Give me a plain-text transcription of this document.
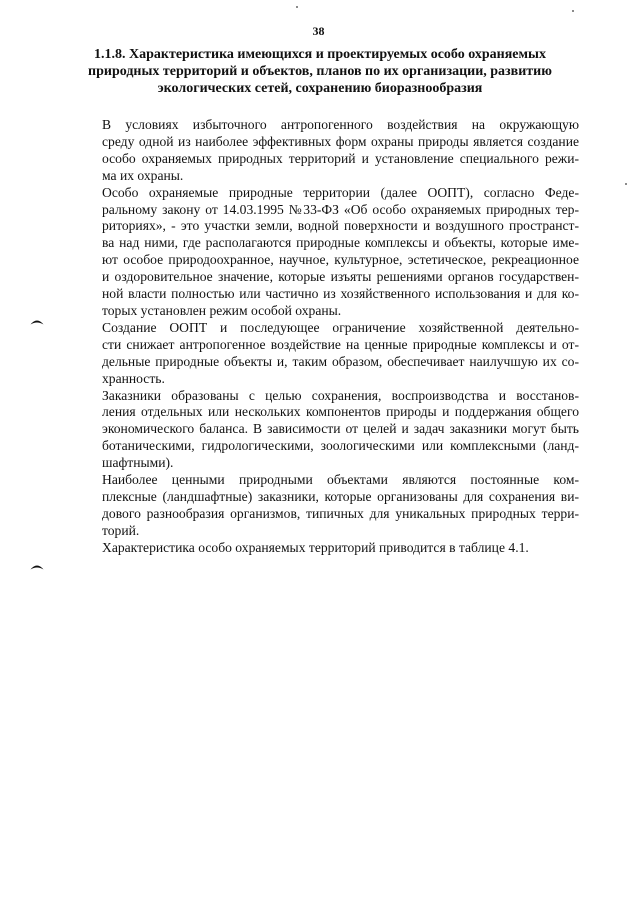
38
1.1.8. Характеристика имеющихся и проектируемых особо охраняемых
природных территорий и объектов, планов по их организации, развитию
экологических сетей, сохранению биоразнообразия

В условиях избыточного антропогенного воздействия на окружающую
среду одной из наиболее эффективных форм охраны природы является создание
особо охраняемых природных территорий и установление специального режи-
ма их охраны.

Особо охраняемые природные территории (далее ООПТ), согласно Феде-
ральному закону от 14.03.1995 №33-ФЗ «Об особо охраняемых природных тер-
риториях», - это участки земли, водной поверхности и воздушного пространст-
ва над ними, где располагаются природные комплексы и объекты, которые име-
ют особое природоохранное, научное, культурное, эстетическое, рекреационное
и оздоровительное значение, которые изъяты решениями органов государствен-
ной власти полностью или частично из хозяйственного использования и для ко-
торых установлен режим особой охраны.

Создание ООПТ и последующее ограничение хозяйственной деятельно-
сти снижает антропогенное воздействие на ценные природные комплексы и от-
дельные природные объекты и, таким образом, обеспечивает наилучшую их со-
хранность.

Заказники образованы с целью сохранения, воспроизводства и восстанов-
ления отдельных или нескольких компонентов природы и поддержания общего
экономического баланса. В зависимости от целей и задач заказники могут быть
ботаническими, гидрологическими, зоологическими или комплексными (ланд-
шафтными).

Наиболее ценными природными объектами являются постоянные ком-
плексные (ландшафтные) заказники, которые организованы для сохранения ви-
дового разнообразия организмов, типичных для уникальных природных терри-
торий.

Характеристика особо охраняемых территорий приводится в таблице 4.1.
